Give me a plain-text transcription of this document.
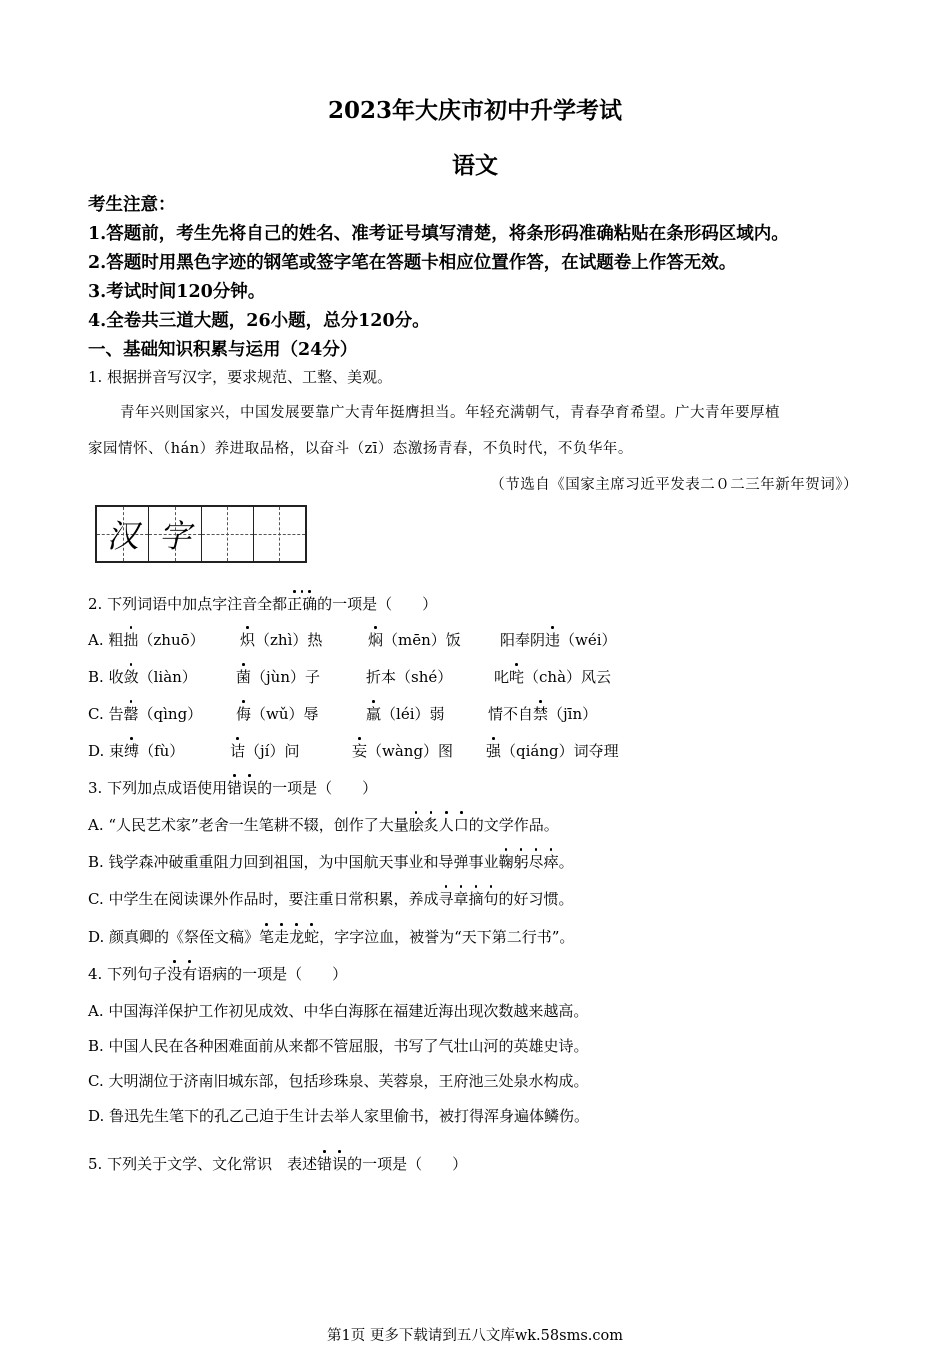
2023年大庆市初中升学考试
语文
考生注意：
1.答题前，考生先将自己的姓名、准考证号填写清楚，将条形码准确粘贴在条形码区域内。
2.答题时用黑色字迹的钢笔或签字笔在答题卡相应位置作答，在试题卷上作答无效。
3.考试时间120分钟。
4.全卷共三道大题，26小题，总分120分。
一、基础知识积累与运用（24分）
1. 根据拼音写汉字，要求规范、工整、美观。
青年兴则国家兴，中国发展要靠广大青年挺膺担当。年轻充满朝气，青春孕育希望。广大青年要厚植
家园情怀、（hán）养进取品格，以奋斗（zī）态激扬青春，不负时代，不负华年。
（节选自《国家主席习近平发表二０二三年新年贺词》）
汉 字
2. 下列词语中加点字注音全都正确的一项是（　　）
A. 粗拙（zhuō） 炽（zhì）热	焖（mēn）饭	阳奉阴违（wéi）
B. 收敛（liàn）	菌（jùn）子	折本（shé）	叱咤（chà）风云
C. 告罄（qìng） 侮（wǔ）辱	羸（léi）弱	情不自禁（jīn）
D. 束缚（fù）	诘（jí）问	妄（wàng）图 强（qiáng）词夺理
3. 下列加点成语使用错误的一项是（　　）
A. “人民艺术家”老舍一生笔耕不辍，创作了大量脍炙人口的文学作品。
B. 钱学森冲破重重阻力回到祖国，为中国航天事业和导弹事业鞠躬尽瘁。
C. 中学生在阅读课外作品时，要注重日常积累，养成寻章摘句的好习惯。
D. 颜真卿的《祭侄文稿》笔走龙蛇，字字泣血，被誉为“天下第二行书”。
4. 下列句子没有语病的一项是（　　）
A. 中国海洋保护工作初见成效、中华白海豚在福建近海出现次数越来越高。
B. 中国人民在各种困难面前从来都不管屈服，书写了气壮山河的英雄史诗。
C. 大明湖位于济南旧城东部，包括珍珠泉、芙蓉泉，王府池三处泉水构成。
D. 鲁迅先生笔下的孔乙己迫于生计去举人家里偷书，被打得浑身遍体鳞伤。
5. 下列关于文学、文化常识　表述错误的一项是（　　）
第1页 更多下载请到五八文库wk.58sms.com
